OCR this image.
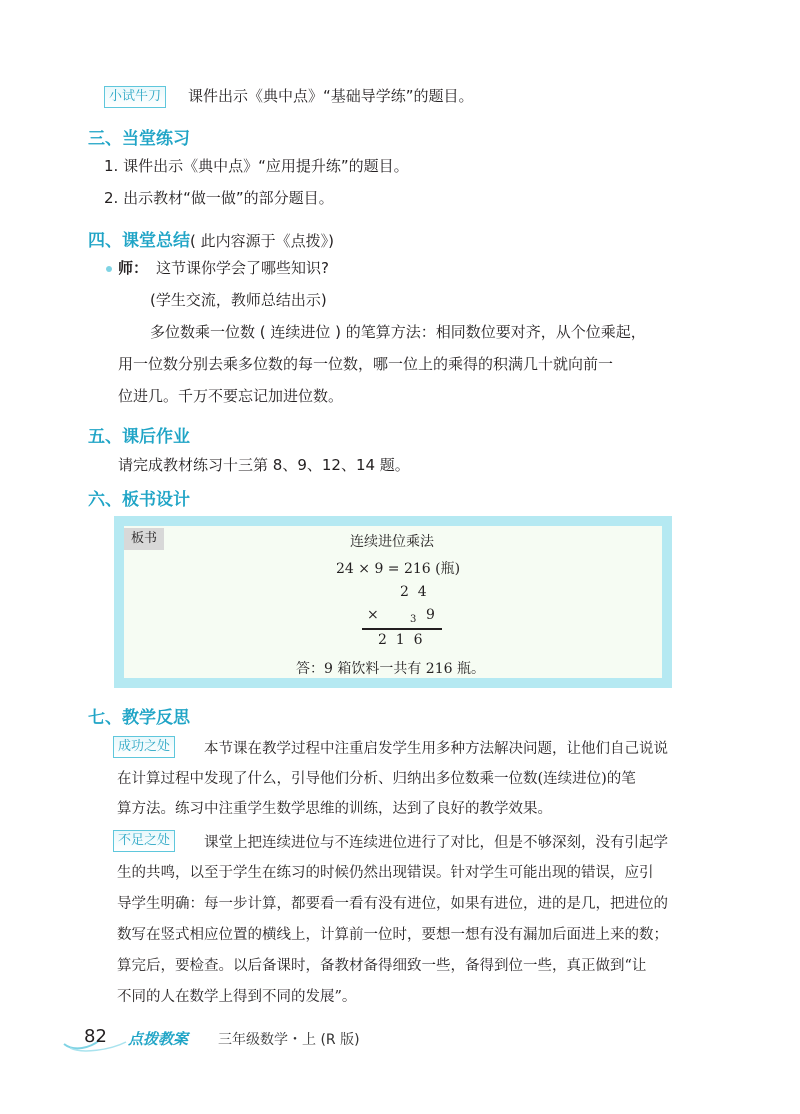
小试牛刀	课件出示《典中点》“基础导学练”的题目。
三、当堂练习
1. 课件出示《典中点》“应用提升练”的题目。
2. 出示教材“做一做”的部分题目。
四、课堂总结( 此内容源于《点拨》)
师： 这节课你学会了哪些知识?
(学生交流，教师总结出示)
多位数乘一位数 ( 连续进位 ) 的笔算方法：相同数位要对齐，从个位乘起，
用一位数分别去乘多位数的每一位数，哪一位上的乘得的积满几十就向前一
位进几。千万不要忘记加进位数。
五、课后作业
请完成教材练习十三第 8、9、12、14 题。
六、板书设计
板书	连续进位乘法
24 × 9 = 216 (瓶)
2  4
×	3 9
2  1  6
答：9 箱饮料一共有 216 瓶。
七、教学反思
成功之处	本节课在教学过程中注重启发学生用多种方法解决问题，让他们自己说说
在计算过程中发现了什么，引导他们分析、归纳出多位数乘一位数(连续进位)的笔
算方法。练习中注重学生数学思维的训练，达到了良好的教学效果。
不足之处	课堂上把连续进位与不连续进位进行了对比，但是不够深刻，没有引起学
生的共鸣，以至于学生在练习的时候仍然出现错误。针对学生可能出现的错误，应引
导学生明确：每一步计算，都要看一看有没有进位，如果有进位，进的是几，把进位的
数写在竖式相应位置的横线上，计算前一位时，要想一想有没有漏加后面进上来的数；
算完后，要检查。以后备课时，备教材备得细致一些，备得到位一些，真正做到“让
不同的人在数学上得到不同的发展”。
82 点拨教案 三年级数学・上 (R 版)
